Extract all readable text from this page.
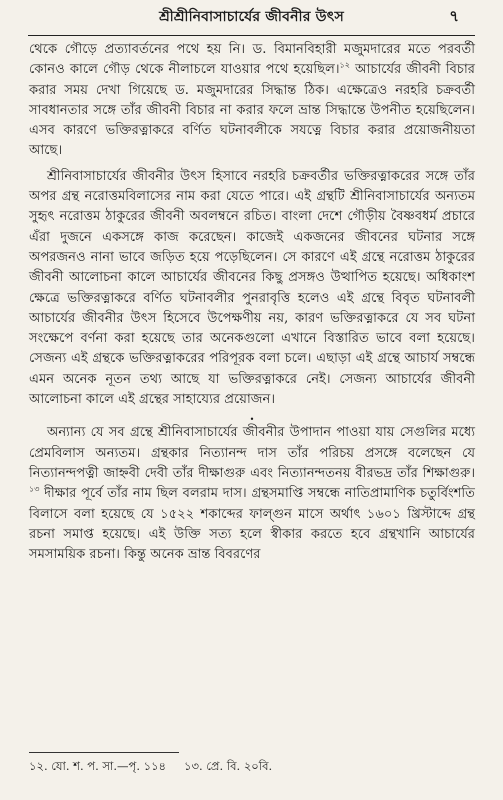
শ্রীশ্রীনিবাসাচার্যের জীবনীর উৎস	৭

থেকে গৌড়ে প্রত্যাবর্তনের পথে হয় নি। ড. বিমানবিহারী মজুমদারের মতে পরবর্তী কোনও কালে গৌড় থেকে নীলাচলে যাওয়ার পথে হয়েছিল।$^{১২}$ আচার্যের জীবনী বিচার করার সময় দেখা গিয়েছে ড. মজুমদারের সিদ্ধান্ত ঠিক। এক্ষেত্রেও নরহরি চক্রবর্তী সাবধানতার সঙ্গে তাঁর জীবনী বিচার না করার ফলে ভ্রান্ত সিদ্ধান্তে উপনীত হয়েছিলেন। এসব কারণে ভক্তিরত্নাকরে বর্ণিত ঘটনাবলীকে সযত্নে বিচার করার প্রয়োজনীয়তা আছে।

শ্রীনিবাসাচার্যের জীবনীর উৎস হিসাবে নরহরি চক্রবর্তীর ভক্তিরত্নাকরের সঙ্গে তাঁর অপর গ্রন্থ নরোত্তমবিলাসের নাম করা যেতে পারে। এই গ্রন্থটি শ্রীনিবাসাচার্যের অন্যতম সুহৃৎ নরোত্তম ঠাকুরের জীবনী অবলম্বনে রচিত। বাংলা দেশে গৌড়ীয় বৈষ্ণবধর্ম প্রচারে এঁরা দুজনে একসঙ্গে কাজ করেছেন। কাজেই একজনের জীবনের ঘটনার সঙ্গে অপরজনও নানা ভাবে জড়িত হয়ে পড়েছিলেন। সে কারণে এই গ্রন্থে নরোত্তম ঠাকুরের জীবনী আলোচনা কালে আচার্যের জীবনের কিছু প্রসঙ্গও উত্থাপিত হয়েছে। অধিকাংশ ক্ষেত্রে ভক্তিরত্নাকরে বর্ণিত ঘটনাবলীর পুনরাবৃত্তি হলেও এই গ্রন্থে বিবৃত ঘটনাবলী আচার্যের জীবনীর উৎস হিসেবে উপেক্ষণীয় নয়, কারণ ভক্তিরত্নাকরে যে সব ঘটনা সংক্ষেপে বর্ণনা করা হয়েছে তার অনেকগুলো এখানে বিস্তারিত ভাবে বলা হয়েছে। সেজন্য এই গ্রন্থকে ভক্তিরত্নাকরের পরিপূরক বলা চলে। এছাড়া এই গ্রন্থে আচার্য সম্বন্ধে এমন অনেক নূতন তথ্য আছে যা ভক্তিরত্নাকরে নেই। সেজন্য আচার্যের জীবনী আলোচনা কালে এই গ্রন্থের সাহায্যের প্রয়োজন।

•

অন্যান্য যে সব গ্রন্থে শ্রীনিবাসাচার্যের জীবনীর উপাদান পাওয়া যায় সেগুলির মধ্যে প্রেমবিলাস অন্যতম। গ্রন্থকার নিত্যানন্দ দাস তাঁর পরিচয় প্রসঙ্গে বলেছেন যে নিত্যানন্দপত্নী জাহ্নবী দেবী তাঁর দীক্ষাগুরু এবং নিত্যানন্দতনয় বীরভদ্র তাঁর শিক্ষাগুরু।$^{১৩}$ দীক্ষার পূর্বে তাঁর নাম ছিল বলরাম দাস। গ্রন্থসমাপ্তি সম্বন্ধে নাতিপ্রামাণিক চতুর্বিংশতি বিলাসে বলা হয়েছে যে ১৫২২ শকাব্দের ফাল্গুন মাসে অর্থাৎ ১৬০১ খ্রিস্টাব্দে গ্রন্থ রচনা সমাপ্ত হয়েছে। এই উক্তি সত্য হলে স্বীকার করতে হবে গ্রন্থখানি আচার্যের সমসাময়িক রচনা। কিন্তু অনেক ভ্রান্ত বিবরণের

১২. যো. শ. প. সা.—পৃ. ১১৪ ১৩. প্রে. বি. ২০বি.
